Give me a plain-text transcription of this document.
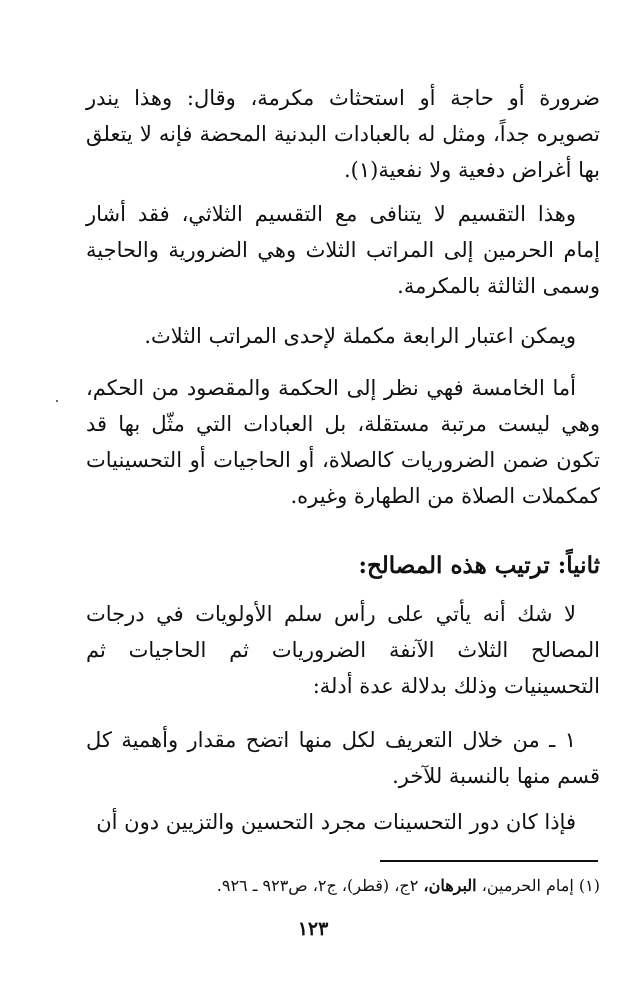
ضرورة أو حاجة أو استحثاث مكرمة، وقال: وهذا يندر تصويره جداً، ومثل له بالعبادات البدنية المحضة فإنه لا يتعلق بها أغراض دفعية ولا نفعية(١).

وهذا التقسيم لا يتنافى مع التقسيم الثلاثي، فقد أشار إمام الحرمين إلى المراتب الثلاث وهي الضرورية والحاجية وسمى الثالثة بالمكرمة.

ويمكن اعتبار الرابعة مكملة لإحدى المراتب الثلاث.

أما الخامسة فهي نظر إلى الحكمة والمقصود من الحكم، وهي ليست مرتبة مستقلة، بل العبادات التي مثّل بها قد تكون ضمن الضروريات كالصلاة، أو الحاجيات أو التحسينيات كمكملات الصلاة من الطهارة وغيره.

ثانياً: ترتيب هذه المصالح:

لا شك أنه يأتي على رأس سلم الأولويات في درجات المصالح الثلاث الآنفة الضروريات ثم الحاجيات ثم التحسينيات وذلك بدلالة عدة أدلة:

١ ـ من خلال التعريف لكل منها اتضح مقدار وأهمية كل قسم منها بالنسبة للآخر.

فإذا كان دور التحسينات مجرد التحسين والتزيين دون أن

(١) إمام الحرمين، البرهان، ٢ج، (قطر)، ج٢، ص٩٢٣ ـ ٩٢٦.
١٢٣
